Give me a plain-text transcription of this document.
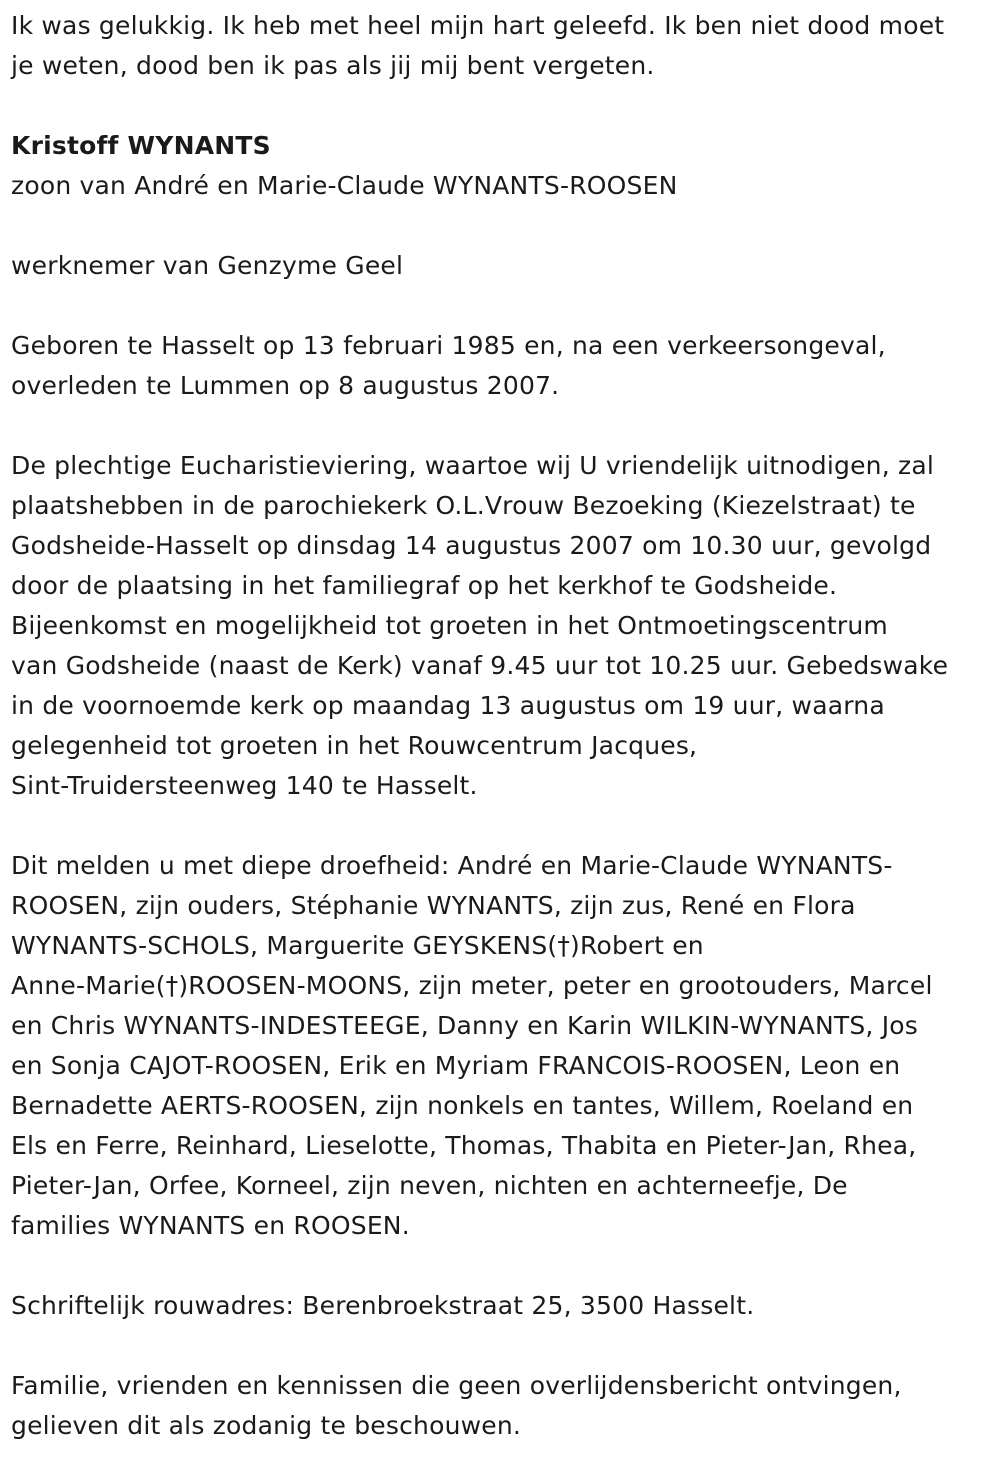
Ik was gelukkig. Ik heb met heel mijn hart geleefd. Ik ben niet dood moet
je weten, dood ben ik pas als jij mij bent vergeten.

Kristoff WYNANTS

zoon van André en Marie-Claude WYNANTS-ROOSEN

werknemer van Genzyme Geel

Geboren te Hasselt op 13 februari 1985 en, na een verkeersongeval,
overleden te Lummen op 8 augustus 2007.

De plechtige Eucharistieviering, waartoe wij U vriendelijk uitnodigen, zal
plaatshebben in de parochiekerk O.L.Vrouw Bezoeking (Kiezelstraat) te
Godsheide-Hasselt op dinsdag 14 augustus 2007 om 10.30 uur, gevolgd
door de plaatsing in het familiegraf op het kerkhof te Godsheide.
Bijeenkomst en mogelijkheid tot groeten in het Ontmoetingscentrum
van Godsheide (naast de Kerk) vanaf 9.45 uur tot 10.25 uur. Gebedswake
in de voornoemde kerk op maandag 13 augustus om 19 uur, waarna
gelegenheid tot groeten in het Rouwcentrum Jacques,
Sint-Truidersteenweg 140 te Hasselt.

Dit melden u met diepe droefheid: André en Marie-Claude WYNANTS-
ROOSEN, zijn ouders, Stéphanie WYNANTS, zijn zus, René en Flora
WYNANTS-SCHOLS, Marguerite GEYSKENS(†)Robert en
Anne-Marie(†)ROOSEN-MOONS, zijn meter, peter en grootouders, Marcel
en Chris WYNANTS-INDESTEEGE, Danny en Karin WILKIN-WYNANTS, Jos
en Sonja CAJOT-ROOSEN, Erik en Myriam FRANCOIS-ROOSEN, Leon en
Bernadette AERTS-ROOSEN, zijn nonkels en tantes, Willem, Roeland en
Els en Ferre, Reinhard, Lieselotte, Thomas, Thabita en Pieter-Jan, Rhea,
Pieter-Jan, Orfee, Korneel, zijn neven, nichten en achterneefje, De
families WYNANTS en ROOSEN.

Schriftelijk rouwadres: Berenbroekstraat 25, 3500 Hasselt.

Familie, vrienden en kennissen die geen overlijdensbericht ontvingen,
gelieven dit als zodanig te beschouwen.
